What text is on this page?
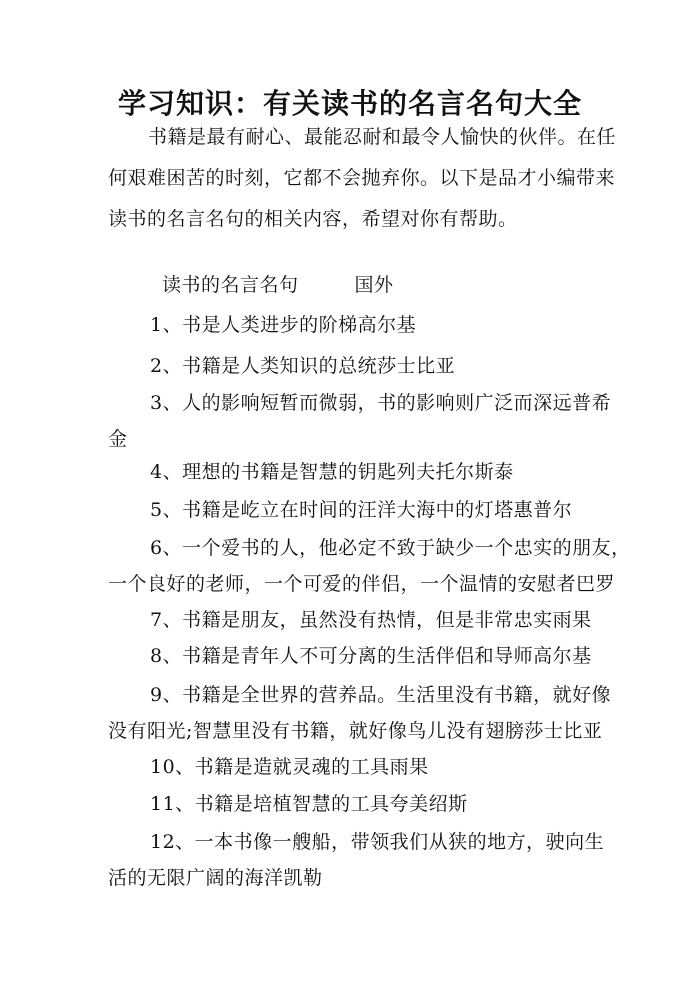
学习知识：有关读书的名言名句大全
书籍是最有耐心、最能忍耐和最令人愉快的伙伴。在任
何艰难困苦的时刻，它都不会抛弃你。以下是品才小编带来
读书的名言名句的相关内容，希望对你有帮助。
读书的名言名句	国外
1、书是人类进步的阶梯高尔基
2、书籍是人类知识的总统莎士比亚
3、人的影响短暂而微弱，书的影响则广泛而深远普希
金
4、理想的书籍是智慧的钥匙列夫托尔斯泰
5、书籍是屹立在时间的汪洋大海中的灯塔惠普尔
6、一个爱书的人，他必定不致于缺少一个忠实的朋友，
一个良好的老师，一个可爱的伴侣，一个温情的安慰者巴罗
7、书籍是朋友，虽然没有热情，但是非常忠实雨果
8、书籍是青年人不可分离的生活伴侣和导师高尔基
9、书籍是全世界的营养品。生活里没有书籍，就好像
没有阳光;智慧里没有书籍，就好像鸟儿没有翅膀莎士比亚
10、书籍是造就灵魂的工具雨果
11、书籍是培植智慧的工具夸美绍斯
12、一本书像一艘船，带领我们从狭的地方，驶向生
活的无限广阔的海洋凯勒
